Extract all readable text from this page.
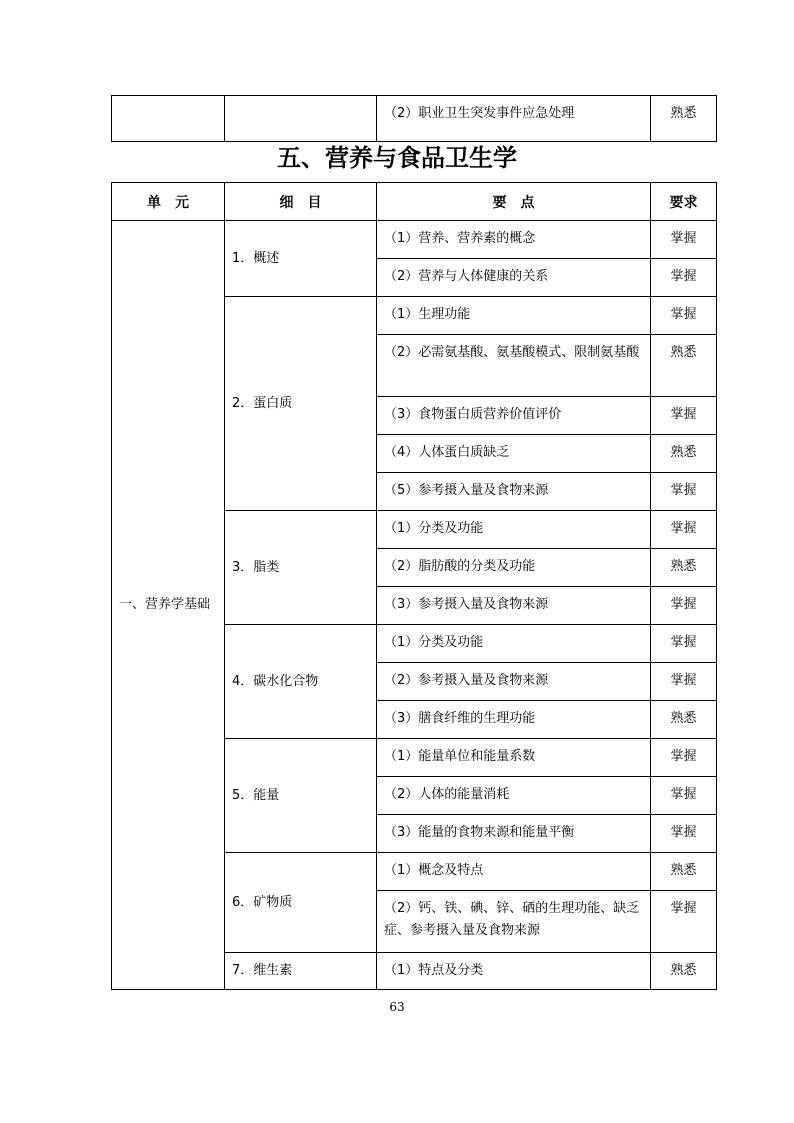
		（2）职业卫生突发事件应急处理	熟悉
五、营养与食品卫生学
单　元	细　目	要　点	要求
一、营养学基础	1．概述	（1）营养、营养素的概念	掌握
		（2）营养与人体健康的关系	掌握
	2．蛋白质	（1）生理功能	掌握
		（2）必需氨基酸、氨基酸模式、限制氨基酸	熟悉
		（3）食物蛋白质营养价值评价	掌握
		（4）人体蛋白质缺乏	熟悉
		（5）参考摄入量及食物来源	掌握
	3．脂类	（1）分类及功能	掌握
		（2）脂肪酸的分类及功能	熟悉
		（3）参考摄入量及食物来源	掌握
	4．碳水化合物	（1）分类及功能	掌握
		（2）参考摄入量及食物来源	掌握
		（3）膳食纤维的生理功能	熟悉
	5．能量	（1）能量单位和能量系数	掌握
		（2）人体的能量消耗	掌握
		（3）能量的食物来源和能量平衡	掌握
	6．矿物质	（1）概念及特点	熟悉
		（2）钙、铁、碘、锌、硒的生理功能、缺乏症、参考摄入量及食物来源	掌握
	7．维生素	（1）特点及分类	熟悉
63
